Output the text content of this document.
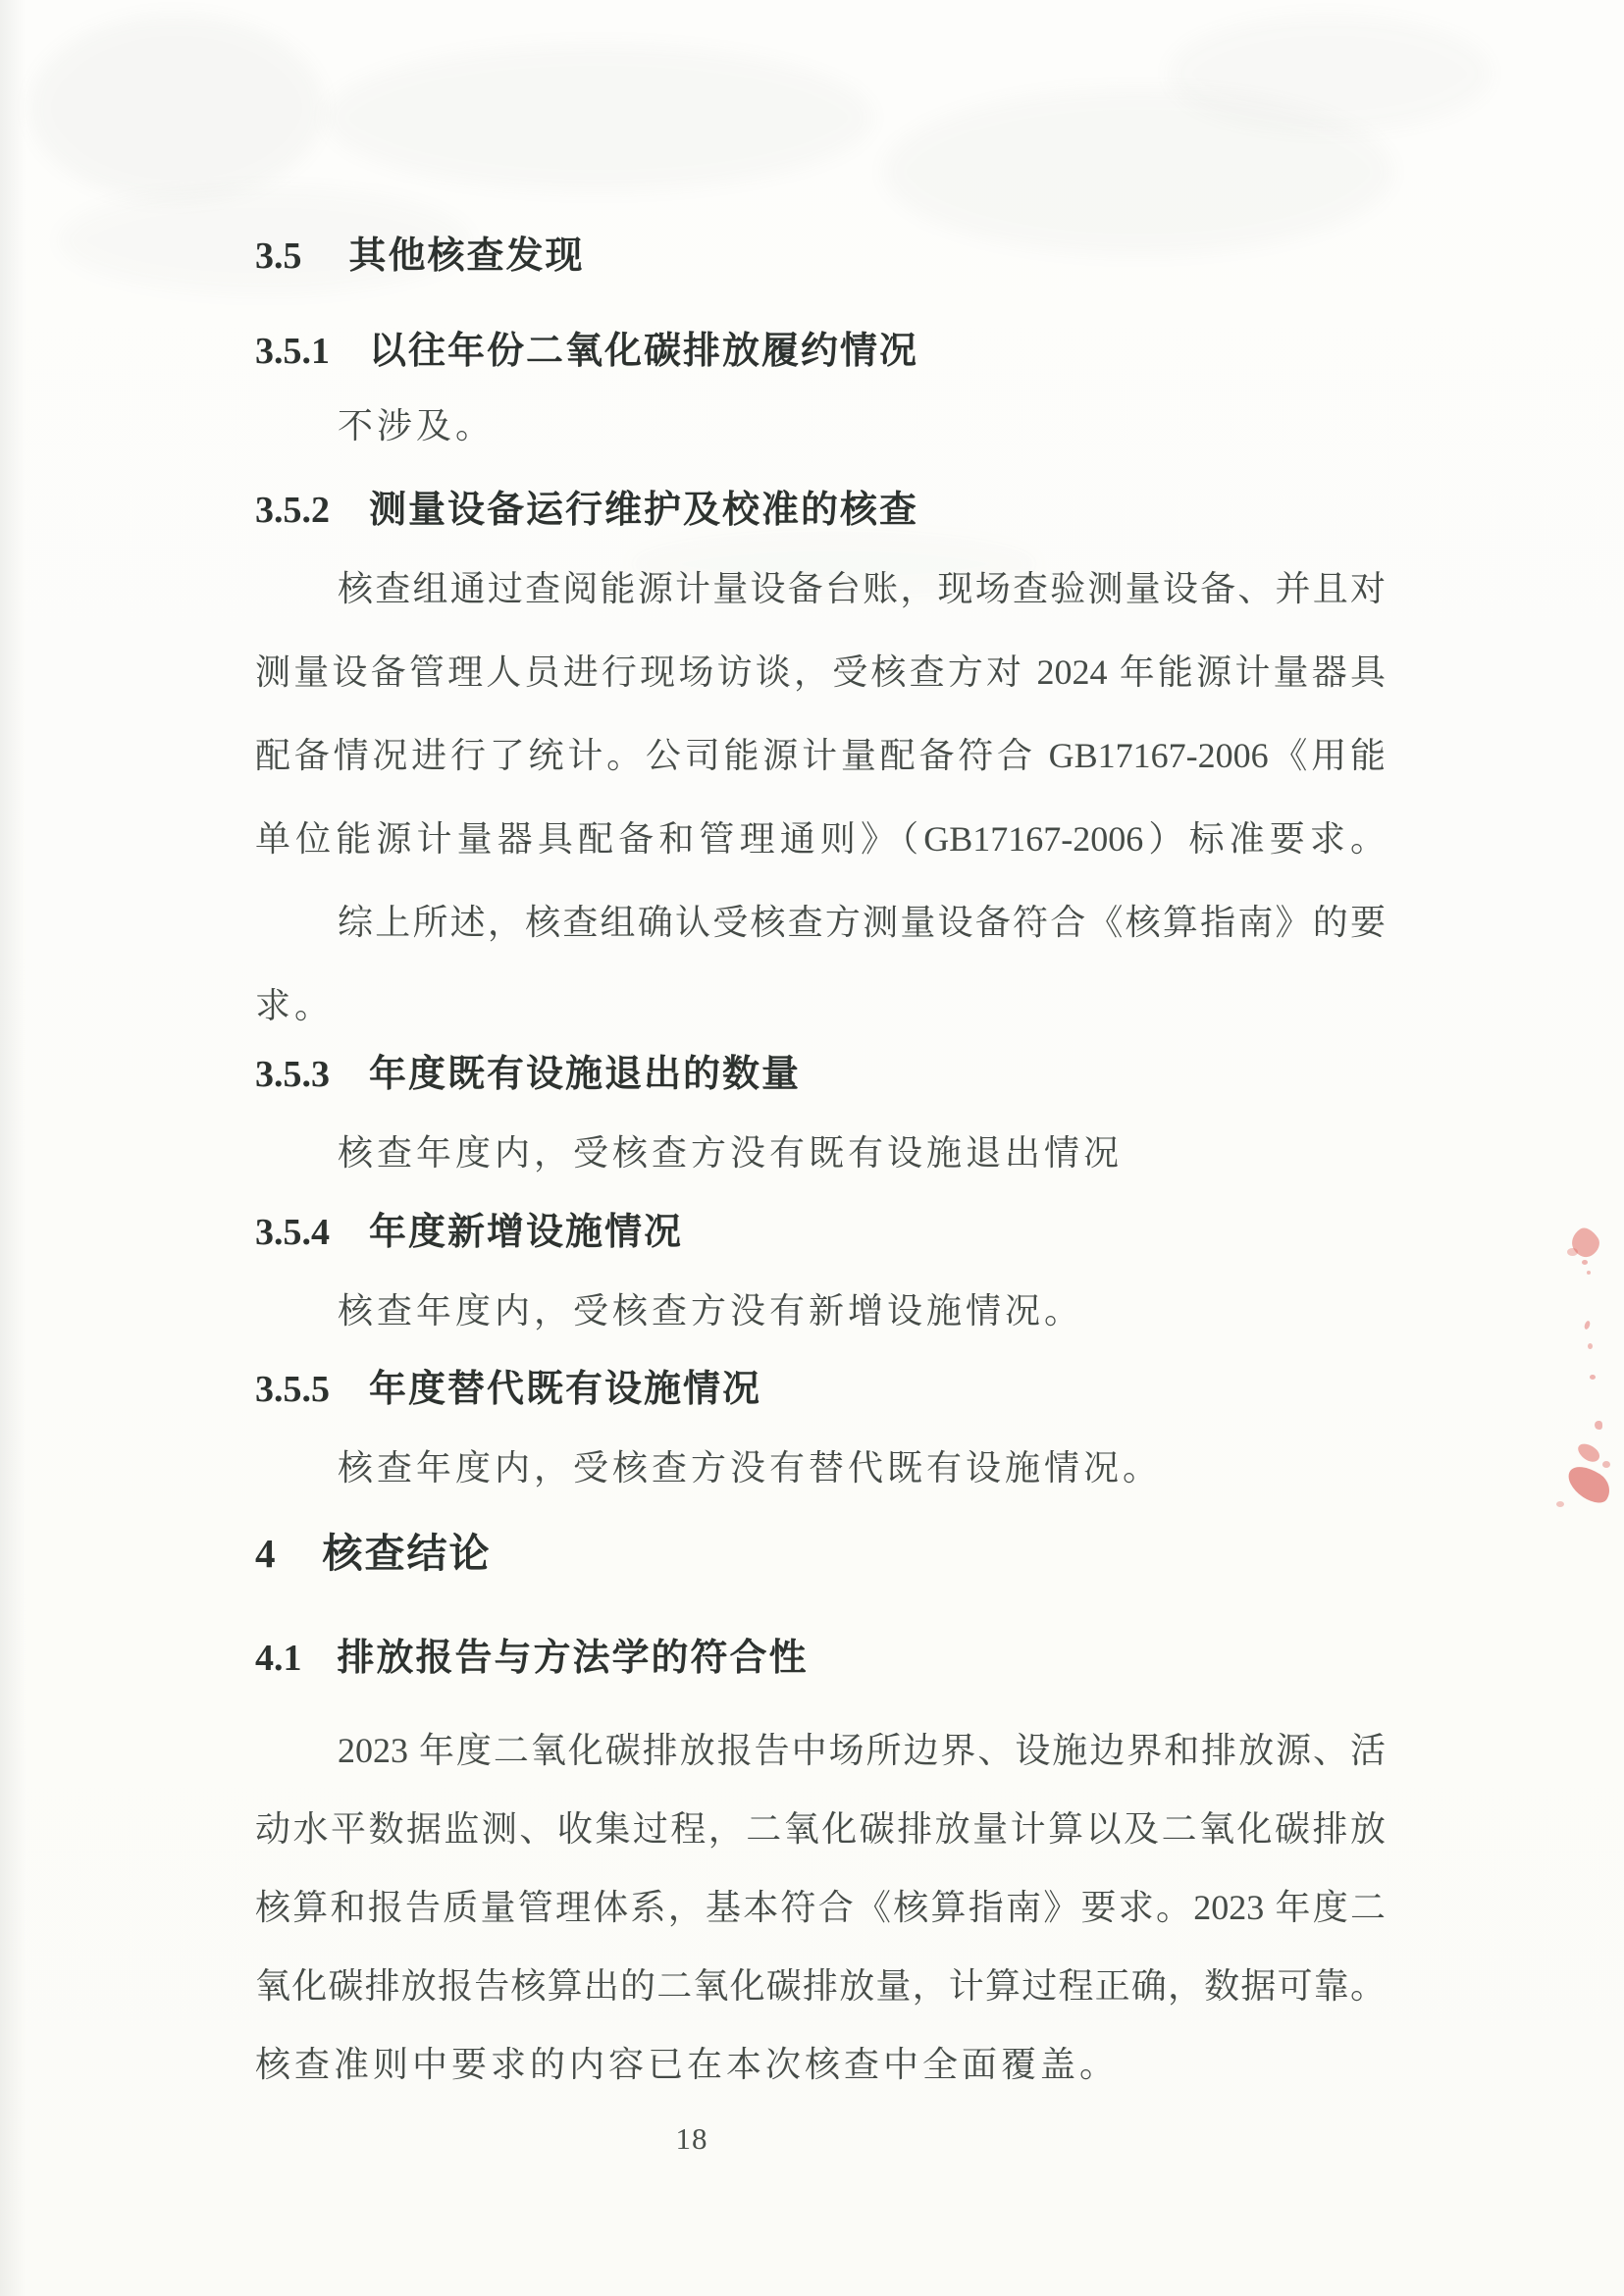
3.5 其他核查发现
3.5.1 以往年份二氧化碳排放履约情况
不涉及。
3.5.2 测量设备运行维护及校准的核查
核查组通过查阅能源计量设备台账，现场查验测量设备、并且对
测量设备管理人员进行现场访谈，受核查方对 2024 年能源计量器具
配备情况进行了统计。公司能源计量配备符合 GB17167-2006《用能
单位能源计量器具配备和管理通则》（GB17167-2006）标准要求。
综上所述，核查组确认受核查方测量设备符合《核算指南》的要
求。
3.5.3 年度既有设施退出的数量
核查年度内，受核查方没有既有设施退出情况
3.5.4 年度新增设施情况
核查年度内，受核查方没有新增设施情况。
3.5.5 年度替代既有设施情况
核查年度内，受核查方没有替代既有设施情况。
4 核查结论
4.1 排放报告与方法学的符合性
2023 年度二氧化碳排放报告中场所边界、设施边界和排放源、活
动水平数据监测、收集过程，二氧化碳排放量计算以及二氧化碳排放
核算和报告质量管理体系，基本符合《核算指南》要求。2023 年度二
氧化碳排放报告核算出的二氧化碳排放量，计算过程正确，数据可靠。
核查准则中要求的内容已在本次核查中全面覆盖。
18
